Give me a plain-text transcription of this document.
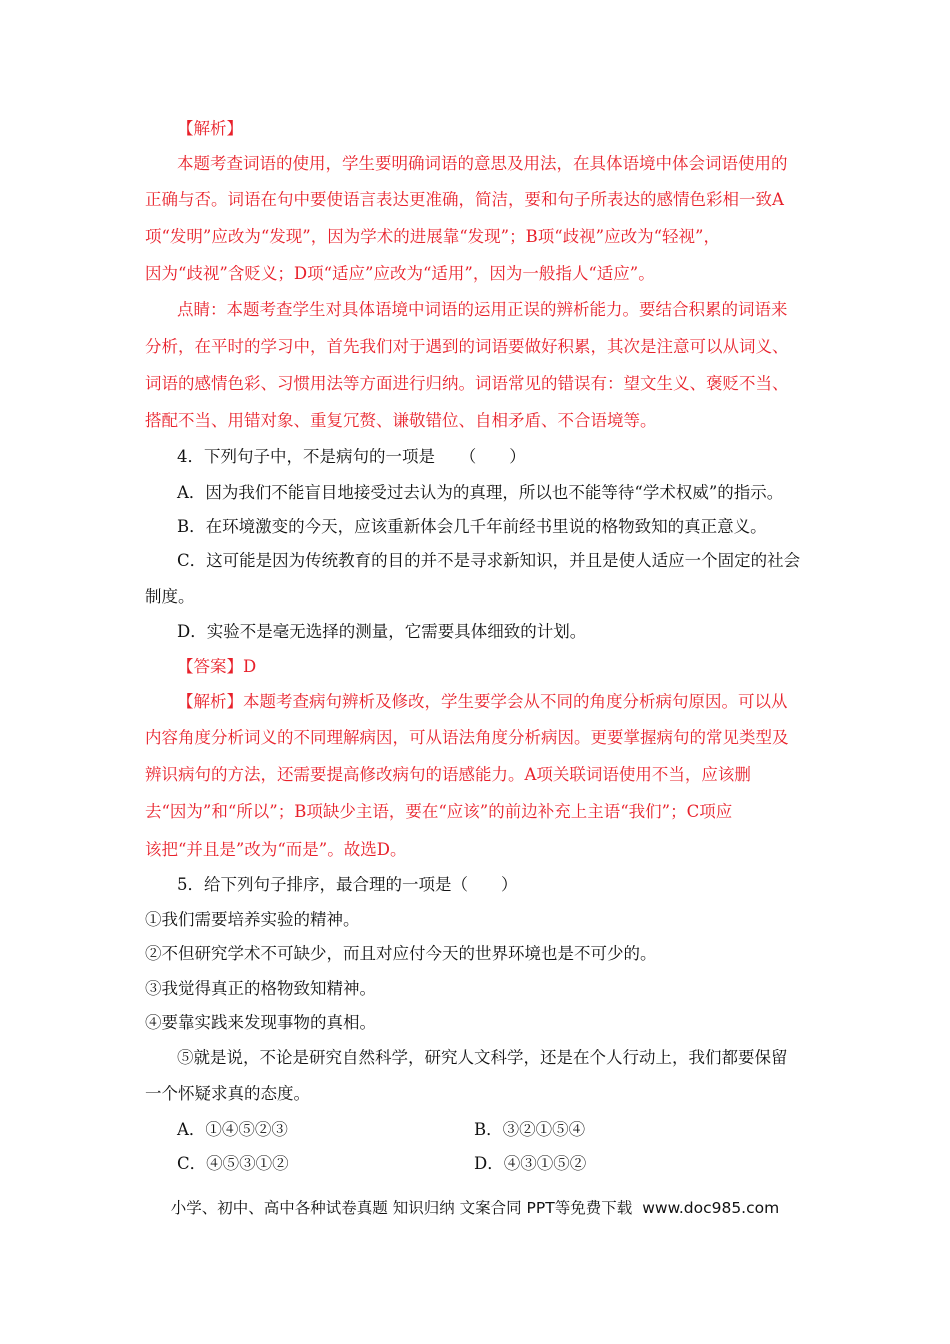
【解析】
本题考查词语的使用，学生要明确词语的意思及用法，在具体语境中体会词语使用的
正确与否。词语在句中要使语言表达更准确，简洁，要和句子所表达的感情色彩相一致A
项“发明”应改为“发现”，因为学术的进展靠“发现”；B项“歧视”应改为“轻视”，
因为“歧视”含贬义；D项“适应”应改为“适用”，因为一般指人“适应”。
点睛：本题考查学生对具体语境中词语的运用正误的辨析能力。要结合积累的词语来
分析，在平时的学习中，首先我们对于遇到的词语要做好积累，其次是注意可以从词义、
词语的感情色彩、习惯用法等方面进行归纳。词语常见的错误有：望文生义、褒贬不当、
搭配不当、用错对象、重复冗赘、谦敬错位、自相矛盾、不合语境等。
4．下列句子中，不是病句的一项是　　（　　）
A．因为我们不能盲目地接受过去认为的真理，所以也不能等待“学术权威”的指示。
B．在环境激变的今天，应该重新体会几千年前经书里说的格物致知的真正意义。
C．这可能是因为传统教育的目的并不是寻求新知识，并且是使人适应一个固定的社会
制度。
D．实验不是毫无选择的测量，它需要具体细致的计划。
【答案】D
【解析】本题考查病句辨析及修改，学生要学会从不同的角度分析病句原因。可以从
内容角度分析词义的不同理解病因，可从语法角度分析病因。更要掌握病句的常见类型及
辨识病句的方法，还需要提高修改病句的语感能力。A项关联词语使用不当，应该删
去“因为”和“所以”；B项缺少主语，要在“应该”的前边补充上主语“我们”；C项应
该把“并且是”改为“而是”。故选D。
5．给下列句子排序，最合理的一项是（　　）
①我们需要培养实验的精神。
②不但研究学术不可缺少，而且对应付今天的世界环境也是不可少的。
③我觉得真正的格物致知精神。
④要靠实践来发现事物的真相。
⑤就是说，不论是研究自然科学，研究人文科学，还是在个人行动上，我们都要保留
一个怀疑求真的态度。
A．①④⑤②③	B．③②①⑤④
C．④⑤③①②	D．④③①⑤②
小学、初中、高中各种试卷真题 知识归纳 文案合同 PPT等免费下载 www.doc985.com
